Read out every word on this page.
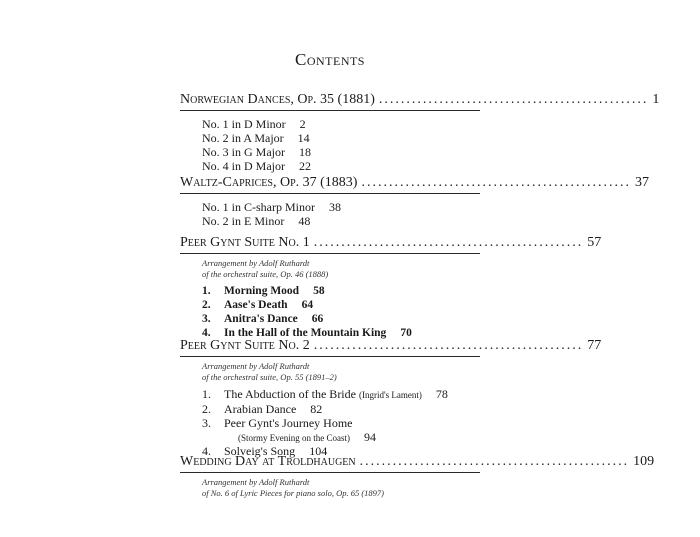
Contents
Norwegian Dances, Op. 35 (1881) ................................................. 1
No. 1 in D Minor 2
No. 2 in A Major 14
No. 3 in G Major 18
No. 4 in D Major 22
Waltz-Caprices, Op. 37 (1883) ................................................. 37
No. 1 in C-sharp Minor 38
No. 2 in E Minor 48
Peer Gynt Suite No. 1 ................................................. 57
Arrangement by Adolf Ruthardt
of the orchestral suite, Op. 46 (1888)
1. Morning Mood 58
2. Aase's Death 64
3. Anitra's Dance 66
4. In the Hall of the Mountain King 70
Peer Gynt Suite No. 2 ................................................. 77
Arrangement by Adolf Ruthardt
of the orchestral suite, Op. 55 (1891–2)
1. The Abduction of the Bride (Ingrid's Lament) 78
2. Arabian Dance 82
3. Peer Gynt's Journey Home
(Stormy Evening on the Coast) 94
4. Solveig's Song 104
Wedding Day at Troldhaugen ................................................. 109
Arrangement by Adolf Ruthardt
of No. 6 of Lyric Pieces for piano solo, Op. 65 (1897)
